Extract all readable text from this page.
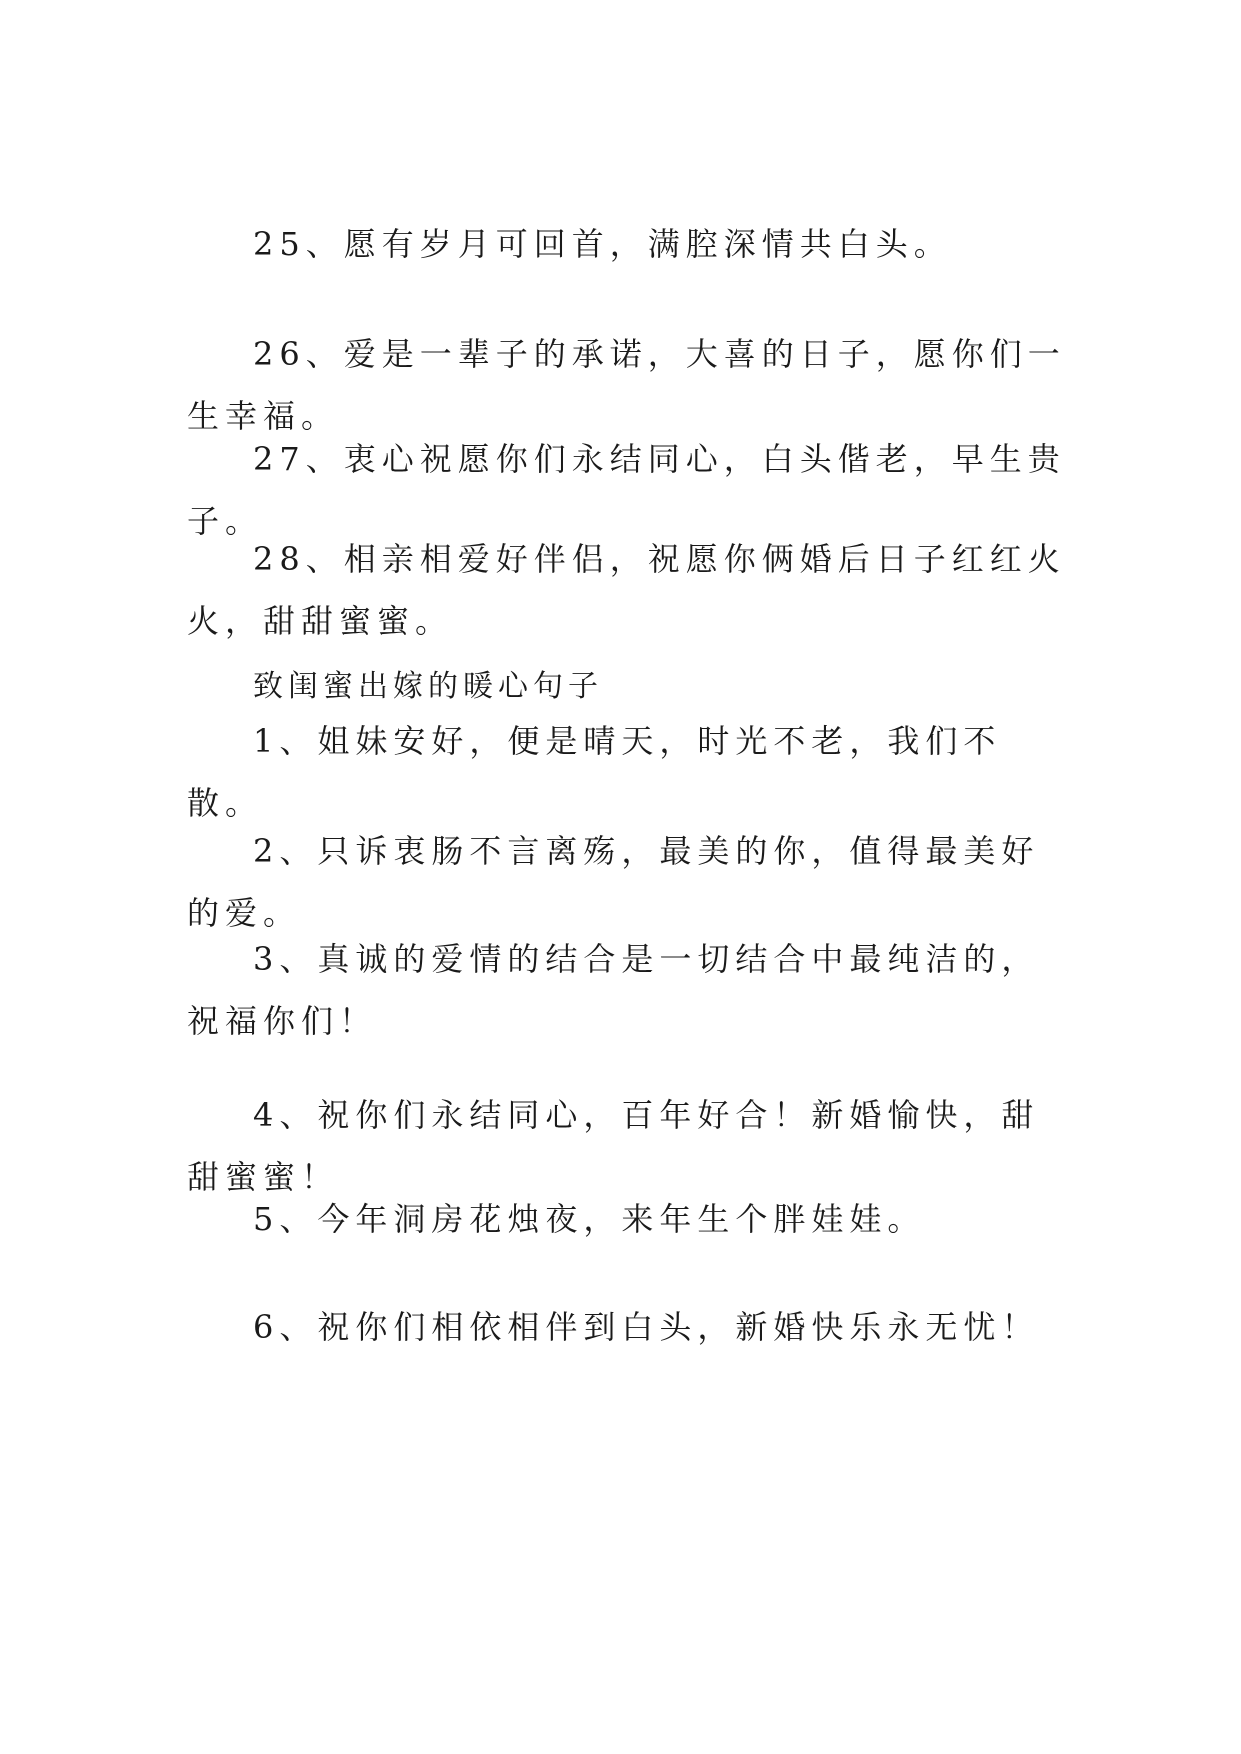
25、愿有岁月可回首，满腔深情共白头。
26、爱是一辈子的承诺，大喜的日子，愿你们一生幸福。
27、衷心祝愿你们永结同心，白头偕老，早生贵子。
28、相亲相爱好伴侣，祝愿你俩婚后日子红红火火，甜甜蜜蜜。
致闺蜜出嫁的暖心句子
1、姐妹安好，便是晴天，时光不老，我们不散。
2、只诉衷肠不言离殇，最美的你，值得最美好的爱。
3、真诚的爱情的结合是一切结合中最纯洁的，祝福你们！
4、祝你们永结同心，百年好合！新婚愉快，甜甜蜜蜜！
5、今年洞房花烛夜，来年生个胖娃娃。
6、祝你们相依相伴到白头，新婚快乐永无忧！
